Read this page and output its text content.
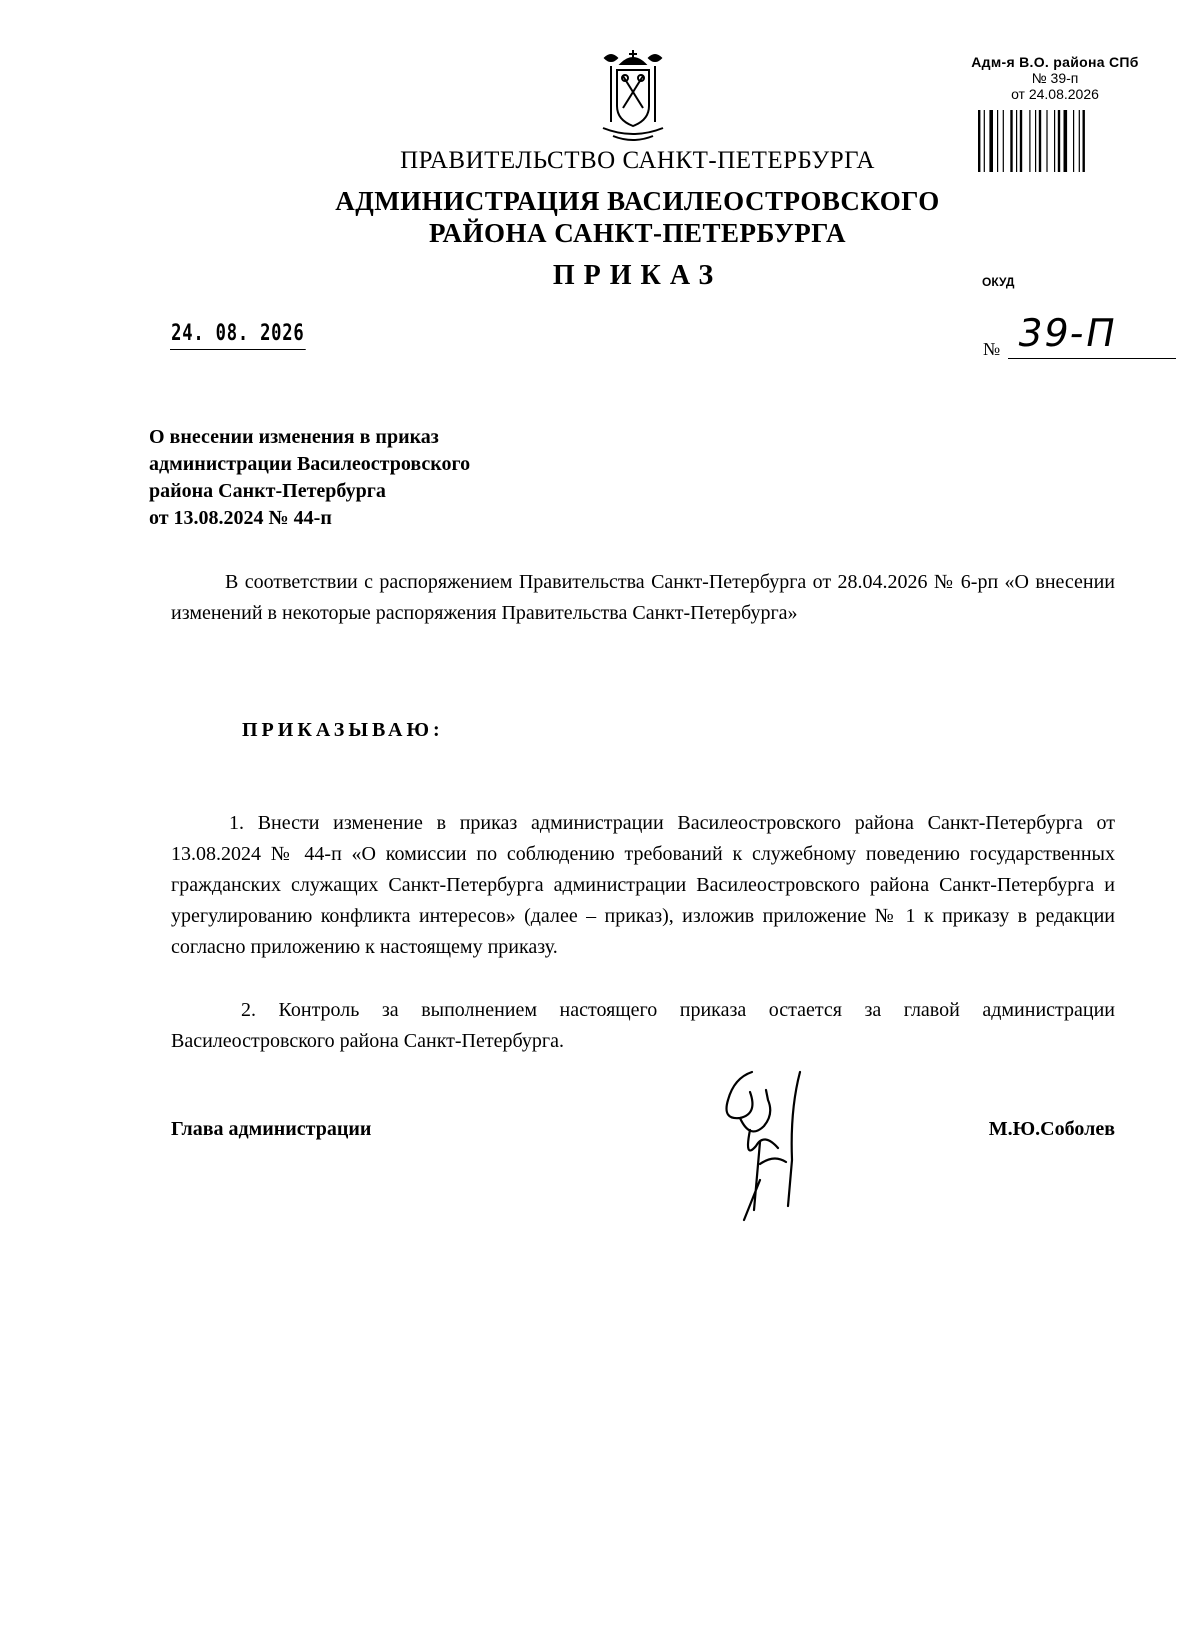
Адм-я В.О. района СПб
№ 39-п
от 24.08.2026
ПРАВИТЕЛЬСТВО САНКТ-ПЕТЕРБУРГА
АДМИНИСТРАЦИЯ ВАСИЛЕОСТРОВСКОГО
РАЙОНА САНКТ-ПЕТЕРБУРГА
ПРИКАЗ	ОКУД
24. 08. 2026
№ 39-П
О внесении изменения в приказ
администрации Василеостровского
района Санкт-Петербурга
от 13.08.2024 № 44-п
В соответствии с распоряжением Правительства Санкт-Петербурга от 28.04.2026 № 6-рп «О внесении изменений в некоторые распоряжения Правительства Санкт-Петербурга»
ПРИКАЗЫВАЮ:
1. Внести изменение в приказ администрации Василеостровского района Санкт-Петербурга от 13.08.2024 № 44-п «О комиссии по соблюдению требований к служебному поведению государственных гражданских служащих Санкт-Петербурга администрации Василеостровского района Санкт-Петербурга и урегулированию конфликта интересов» (далее – приказ), изложив приложение № 1 к приказу в редакции согласно приложению к настоящему приказу.
2. Контроль за выполнением настоящего приказа остается за главой администрации Василеостровского района Санкт-Петербурга.
Глава администрации	М.Ю.Соболев
